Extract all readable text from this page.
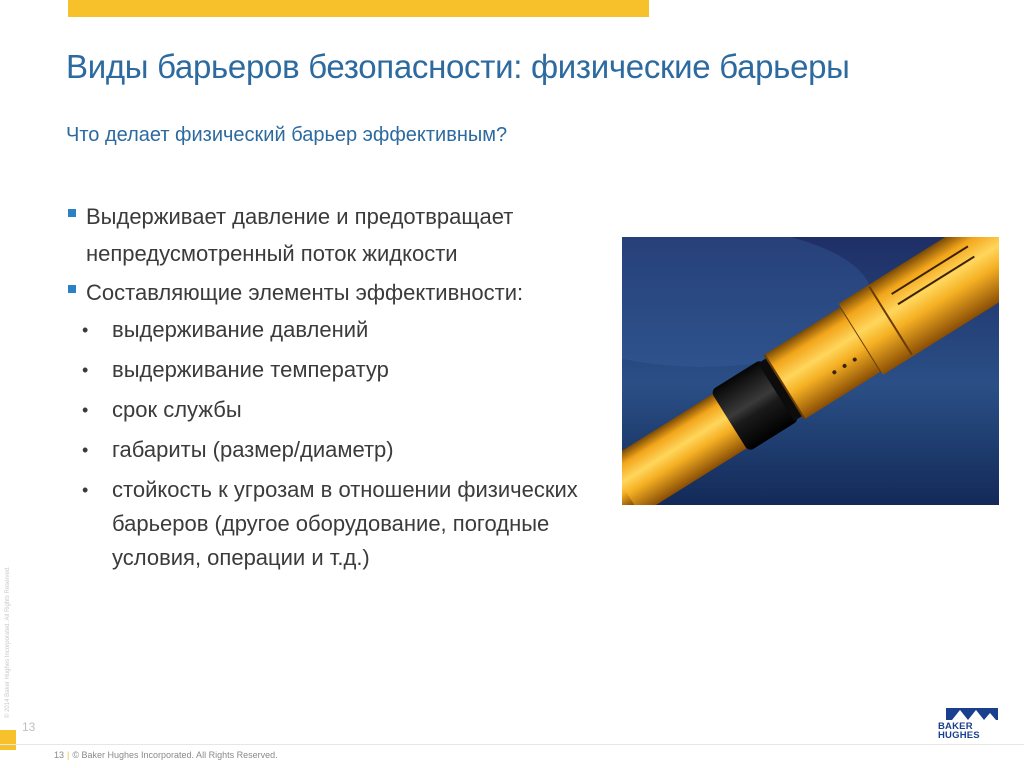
Виды барьеров безопасности: физические барьеры
Что делает физический барьер эффективным?
Выдерживает давление и предотвращает непредусмотренный поток жидкости
Составляющие элементы эффективности:
• выдерживание давлений
• выдерживание температур
• срок службы
• габариты (размер/диаметр)
• стойкость к угрозам в отношении физических барьеров (другое оборудование, погодные условия, операции и т.д.)
© 2014 Baker Hughes Incorporated. All Rights Reserved.
13
13 | © Baker Hughes Incorporated. All Rights Reserved.
BAKER
HUGHES
